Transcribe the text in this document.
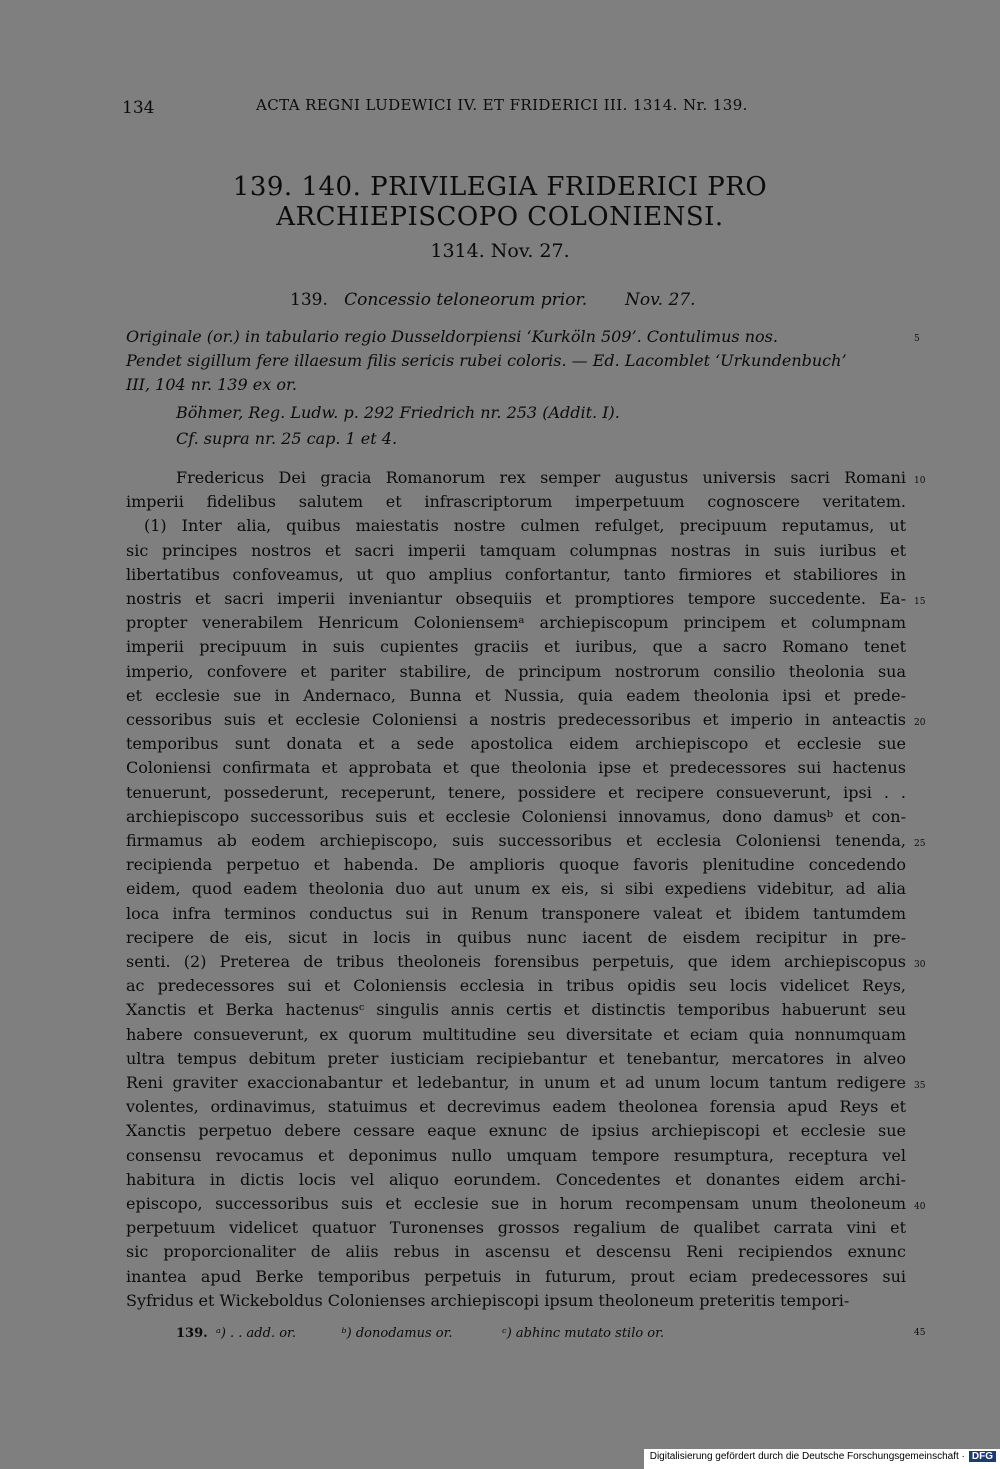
134	ACTA REGNI LUDEWICI IV. ET FRIDERICI III. 1314. Nr. 139.
139. 140. PRIVILEGIA FRIDERICI PRO
ARCHIEPISCOPO COLONIENSI.
1314. Nov. 27.
139. Concessio teloneorum prior. Nov. 27.
Originale (or.) in tabulario regio Dusseldorpiensi ‘Kurköln 509’. Contulimus nos.
Pendet sigillum fere illaesum filis sericis rubei coloris. — Ed. Lacomblet ‘Urkundenbuch’
III, 104 nr. 139 ex or.
Böhmer, Reg. Ludw. p. 292 Friedrich nr. 253 (Addit. I).
Cf. supra nr. 25 cap. 1 et 4.
5
Fredericus Dei gracia Romanorum rex semper augustus universis sacri Romani 10
imperii fidelibus salutem et infrascriptorum imperpetuum cognoscere veritatem.
(1) Inter alia, quibus maiestatis nostre culmen refulget, precipuum reputamus, ut
sic principes nostros et sacri imperii tamquam columpnas nostras in suis iuribus et
libertatibus confoveamus, ut quo amplius confortantur, tanto firmiores et stabiliores in
nostris et sacri imperii inveniantur obsequiis et promptiores tempore succedente. Ea- 15
propter venerabilem Henricum Coloniensemᵃ archiepiscopum principem et columpnam
imperii precipuum in suis cupientes graciis et iuribus, que a sacro Romano tenet
imperio, confovere et pariter stabilire, de principum nostrorum consilio theolonia sua
et ecclesie sue in Andernaco, Bunna et Nussia, quia eadem theolonia ipsi et prede-
cessoribus suis et ecclesie Coloniensi a nostris predecessoribus et imperio in anteactis 20
temporibus sunt donata et a sede apostolica eidem archiepiscopo et ecclesie sue
Coloniensi confirmata et approbata et que theolonia ipse et predecessores sui hactenus
tenuerunt, possederunt, receperunt, tenere, possidere et recipere consueverunt, ipsi . .
archiepiscopo successoribus suis et ecclesie Coloniensi innovamus, dono damusᵇ et con-
firmamus ab eodem archiepiscopo, suis successoribus et ecclesia Coloniensi tenenda, 25
recipienda perpetuo et habenda. De amplioris quoque favoris plenitudine concedendo
eidem, quod eadem theolonia duo aut unum ex eis, si sibi expediens videbitur, ad alia
loca infra terminos conductus sui in Renum transponere valeat et ibidem tantumdem
recipere de eis, sicut in locis in quibus nunc iacent de eisdem recipitur in pre-
senti. (2) Preterea de tribus theoloneis forensibus perpetuis, que idem archiepiscopus 30
ac predecessores sui et Coloniensis ecclesia in tribus opidis seu locis videlicet Reys,
Xanctis et Berka hactenusᶜ singulis annis certis et distinctis temporibus habuerunt seu
habere consueverunt, ex quorum multitudine seu diversitate et eciam quia nonnumquam
ultra tempus debitum preter iusticiam recipiebantur et tenebantur, mercatores in alveo
Reni graviter exaccionabantur et ledebantur, in unum et ad unum locum tantum redigere 35
volentes, ordinavimus, statuimus et decrevimus eadem theolonea forensia apud Reys et
Xanctis perpetuo debere cessare eaque exnunc de ipsius archiepiscopi et ecclesie sue
consensu revocamus et deponimus nullo umquam tempore resumptura, receptura vel
habitura in dictis locis vel aliquo eorundem. Concedentes et donantes eidem archi-
episcopo, successoribus suis et ecclesie sue in horum recompensam unum theoloneum 40
perpetuum videlicet quatuor Turonenses grossos regalium de qualibet carrata vini et
sic proporcionaliter de aliis rebus in ascensu et descensu Reni recipiendos exnunc
inantea apud Berke temporibus perpetuis in futurum, prout eciam predecessores sui
Syfridus et Wickeboldus Colonienses archiepiscopi ipsum theoloneum preteritis tempori-
139. ᵃ) . . add. or.	ᵇ) donodamus or.	ᶜ) abhinc mutato stilo or.	45
Digitalisierung gefördert durch die Deutsche Forschungsgemeinschaft · DFG
